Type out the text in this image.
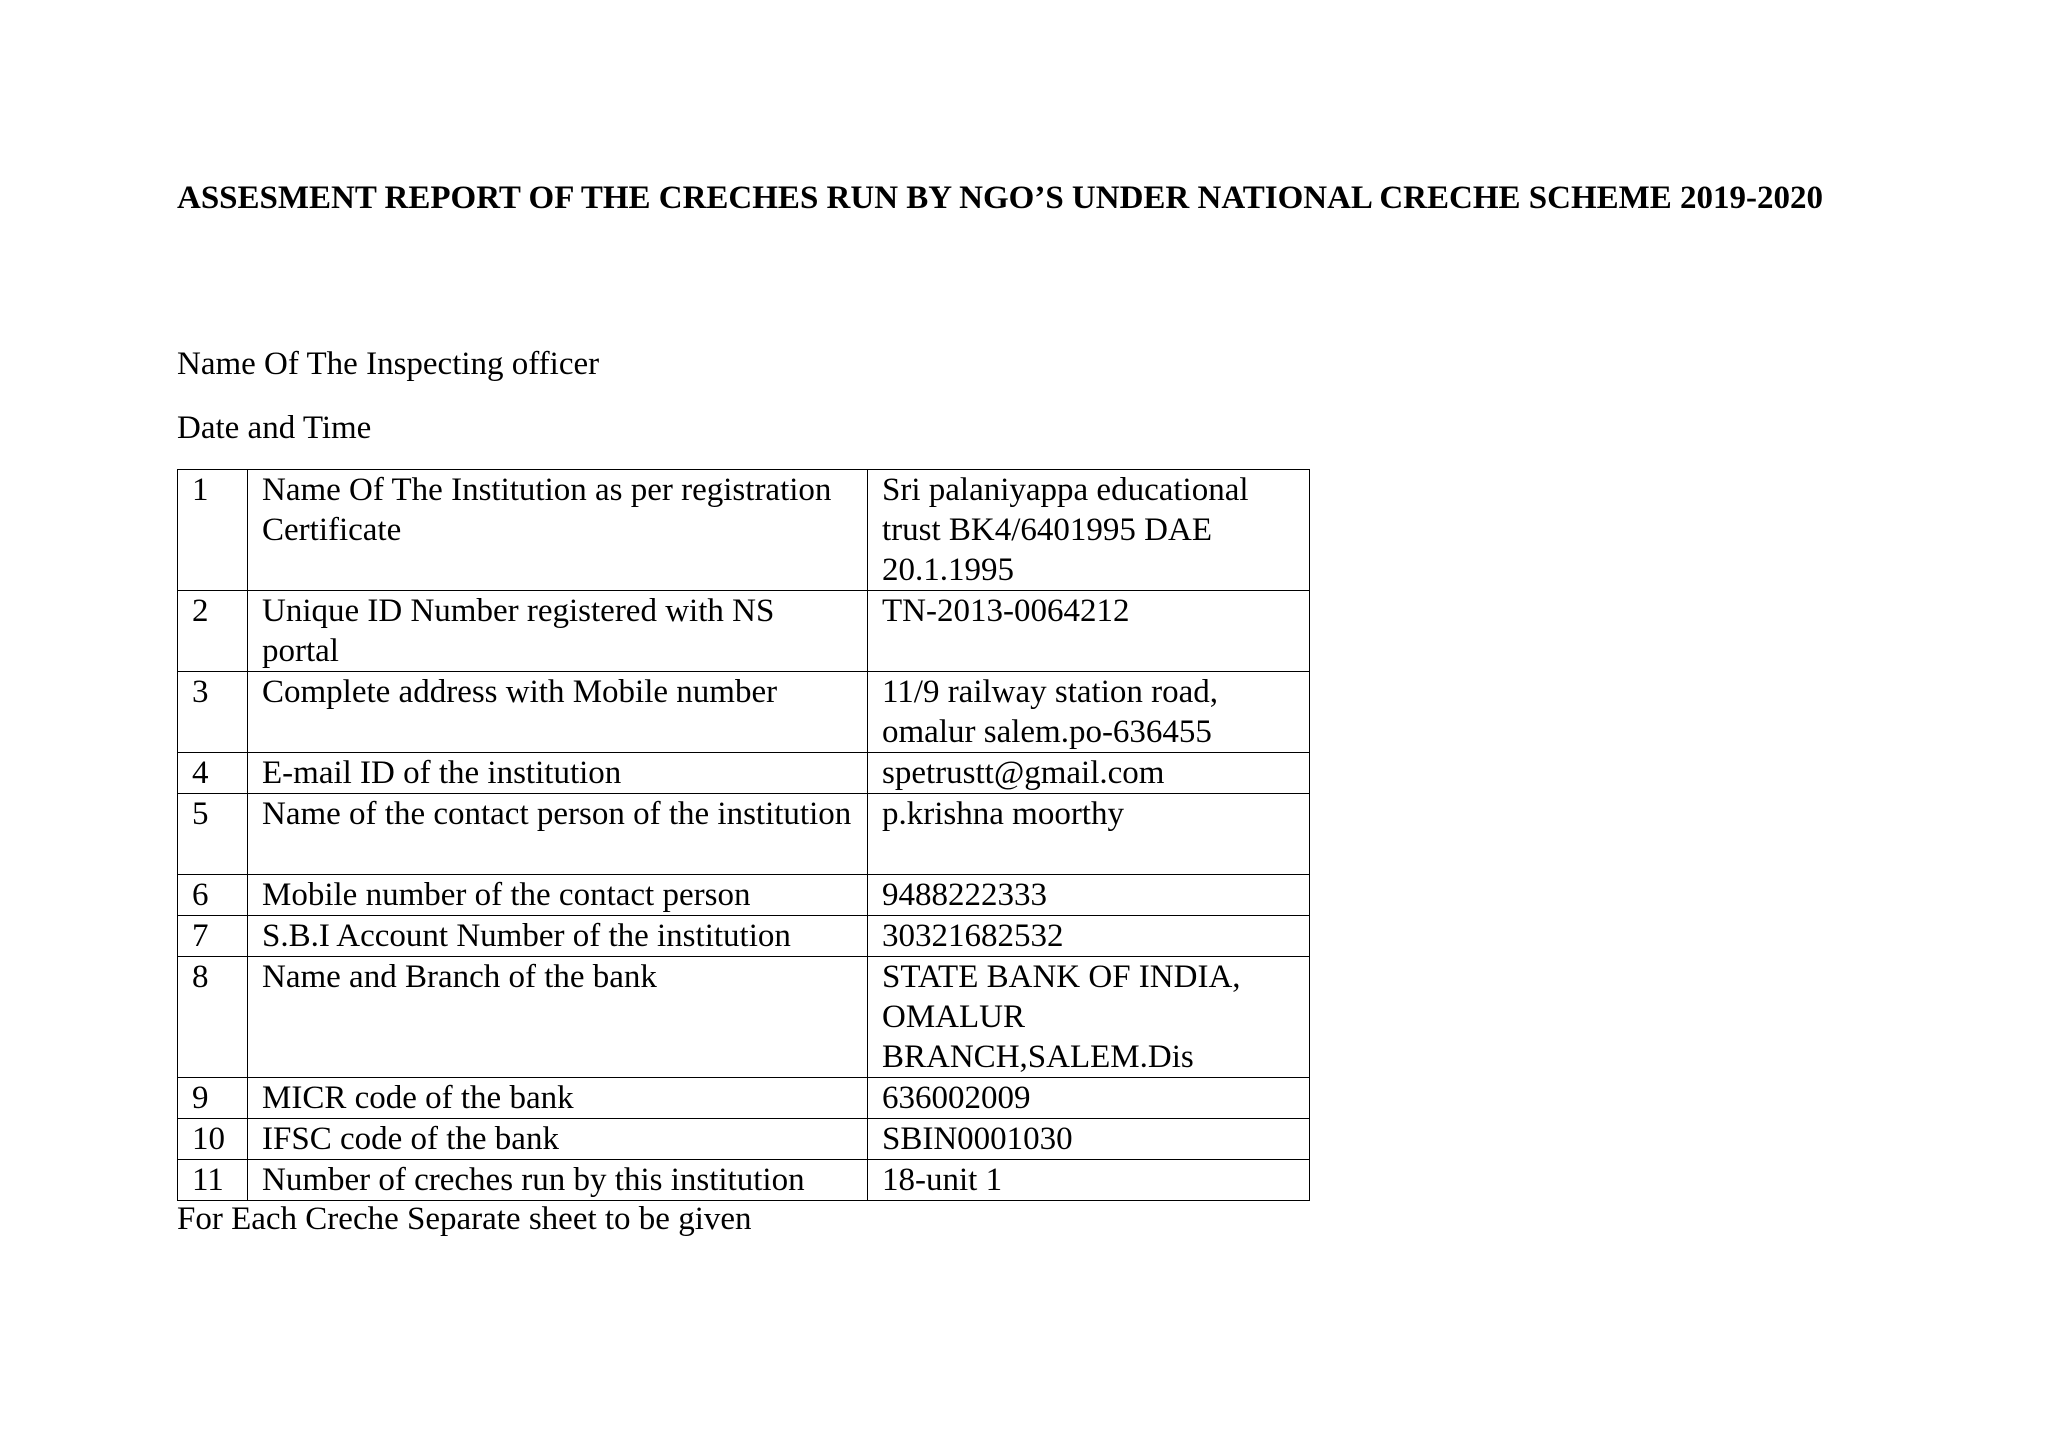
ASSESMENT REPORT OF THE CRECHES RUN BY NGO’S UNDER NATIONAL CRECHE SCHEME 2019-2020

Name Of The Inspecting officer

Date and Time

1	Name Of The Institution as per registration Certificate	Sri palaniyappa educational trust BK4/6401995 DAE 20.1.1995
2	Unique ID Number registered with NS portal	TN-2013-0064212
3	Complete address with Mobile number	11/9 railway station road, omalur salem.po-636455
4	E-mail ID of the institution	spetrustt@gmail.com
5	Name of the contact person of the institution	p.krishna moorthy
6	Mobile number of the contact person	9488222333
7	S.B.I Account Number of the institution	30321682532
8	Name and Branch of the bank	STATE BANK OF INDIA, OMALUR BRANCH,SALEM.Dis
9	MICR code of the bank	636002009
10	IFSC code of the bank	SBIN0001030
11	Number of creches run by this institution	18-unit 1

For Each Creche Separate sheet to be given
